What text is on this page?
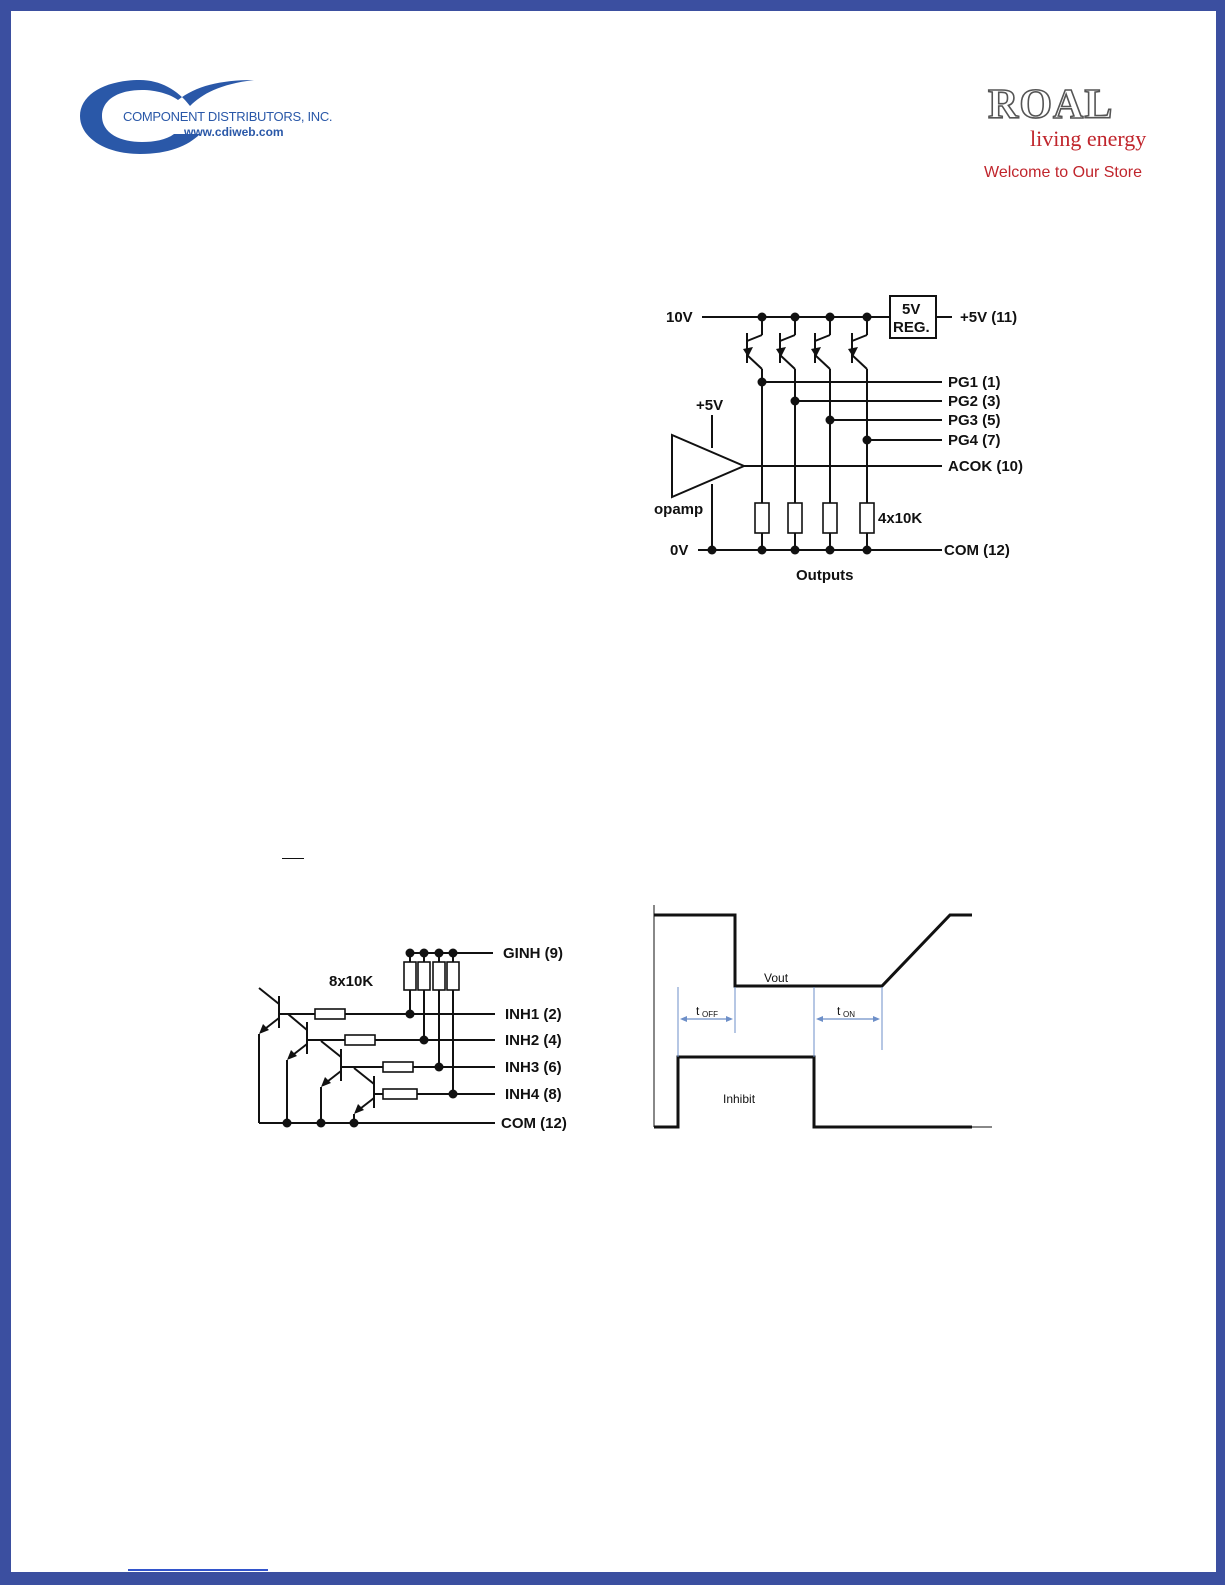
COMPONENT DISTRIBUTORS, INC.
www.cdiweb.com
ROAL
living energy
Welcome to Our Store
10V	5V
REG.
+5V (11)
PG1 (1)
PG2 (3)
PG3 (5)
PG4 (7)
+5V
ACOK (10)
opamp
4x10K
0V	COM (12)
Outputs
GINH (9)
8x10K
INH1 (2)
INH2 (4)
INH3 (6)
INH4 (8)
COM (12)
Vout
Inhibit
t OFF	t ON
